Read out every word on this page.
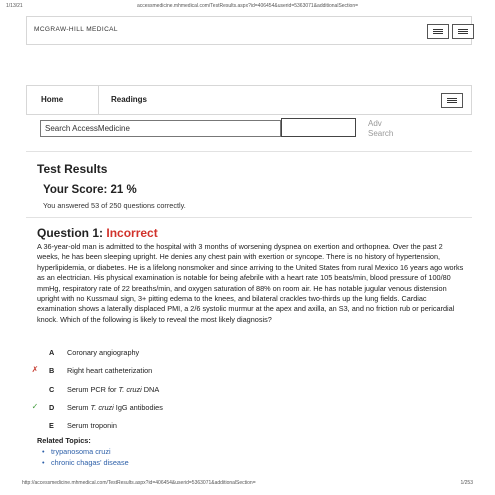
1/13/21	accessmedicine.mhmedical.com/TestResults.aspx?id=406454&userid=5363071&additionalSection=
MCGRAW-HILL MEDICAL
Home	Readings
Search AccessMedicine
Adv
Search
Test Results
Your Score: 21 %
You answered 53 of 250 questions correctly.
Question 1: Incorrect

A 36-year-old man is admitted to the hospital with 3 months of worsening dyspnea on exertion and orthopnea. Over the past 2 weeks, he has been sleeping upright. He denies any chest pain with exertion or syncope. There is no history of hypertension, hyperlipidemia, or diabetes. He is a lifelong nonsmoker and since arriving to the United States from rural Mexico 16 years ago works as an electrician. His physical examination is notable for being afebrile with a heart rate 105 beats/min, blood pressure of 100/80 mmHg, respiratory rate of 22 breaths/min, and oxygen saturation of 88% on room air. He has notable jugular venous distension upright with no Kussmaul sign, 3+ pitting edema to the knees, and bilateral crackles two-thirds up the lung fields. Cardiac examination shows a laterally displaced PMI, a 2/6 systolic murmur at the apex and axilla, an S3, and no friction rub or pericardial knock. Which of the following is likely to reveal the most likely diagnosis?

A Coronary angiography
✗ B Right heart catheterization
C Serum PCR for T. cruzi DNA
✓ D Serum T. cruzi IgG antibodies
E Serum troponin
Related Topics:
• trypanosoma cruzi
• chronic chagas' disease
http://accessmedicine.mhmedical.com/TestResults.aspx?id=406454&userid=5363071&additionalSection=	1/253
